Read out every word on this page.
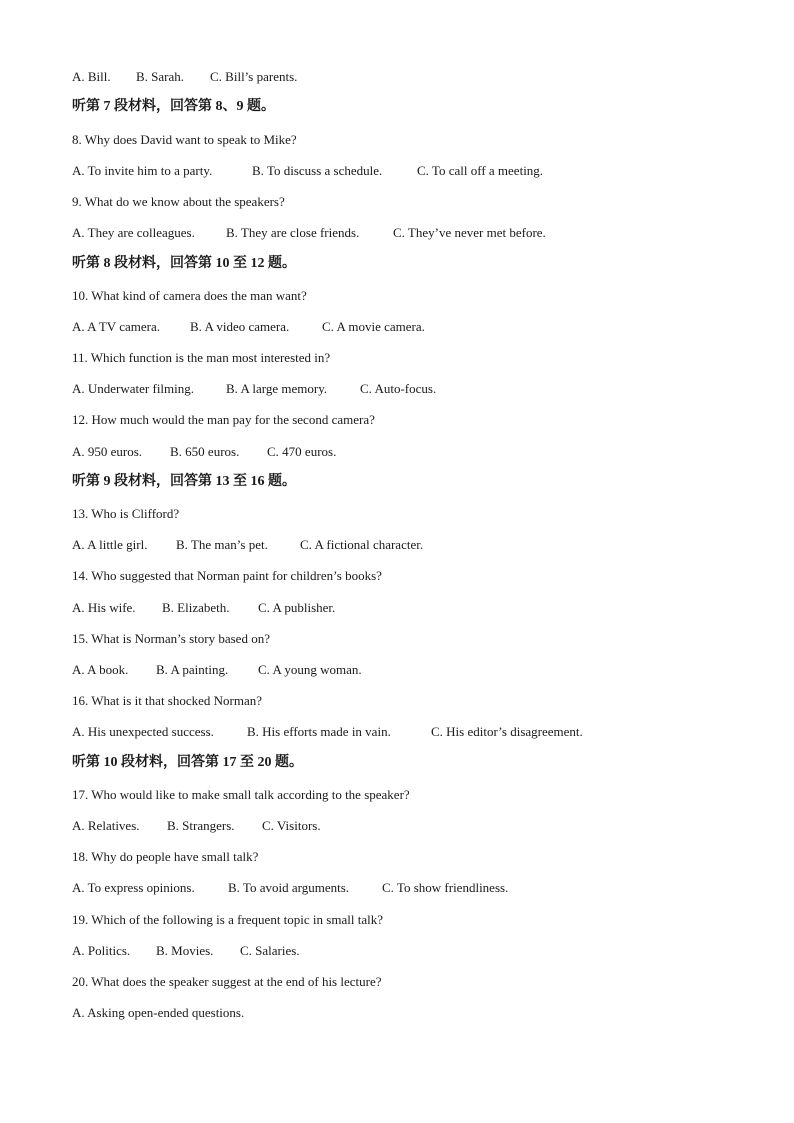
A. Bill. B. Sarah. C. Bill’s parents.
听第 7 段材料，回答第 8、9 题。
8. Why does David want to speak to Mike?
A. To invite him to a party.	B. To discuss a schedule.	C. To call off a meeting.
9. What do we know about the speakers?
A. They are colleagues. B. They are close friends.	C. They’ve never met before.
听第 8 段材料，回答第 10 至 12 题。
10. What kind of camera does the man want?
A. A TV camera. B. A video camera.	C. A movie camera.
11. Which function is the man most interested in?
A. Underwater filming. B. A large memory.	C. Auto-focus.
12. How much would the man pay for the second camera?
A. 950 euros. B. 650 euros. C. 470 euros.
听第 9 段材料，回答第 13 至 16 题。
13. Who is Clifford?
A. A little girl. B. The man’s pet. C. A fictional character.
14. Who suggested that Norman paint for children’s books?
A. His wife. B. Elizabeth. C. A publisher.
15. What is Norman’s story based on?
A. A book. B. A painting. C. A young woman.
16. What is it that shocked Norman?
A. His unexpected success.	B. His efforts made in vain.	C. His editor’s disagreement.
听第 10 段材料，回答第 17 至 20 题。
17. Who would like to make small talk according to the speaker?
A. Relatives. B. Strangers. C. Visitors.
18. Why do people have small talk?
A. To express opinions.	B. To avoid arguments.	C. To show friendliness.
19. Which of the following is a frequent topic in small talk?
A. Politics. B. Movies. C. Salaries.
20. What does the speaker suggest at the end of his lecture?
A. Asking open-ended questions.
